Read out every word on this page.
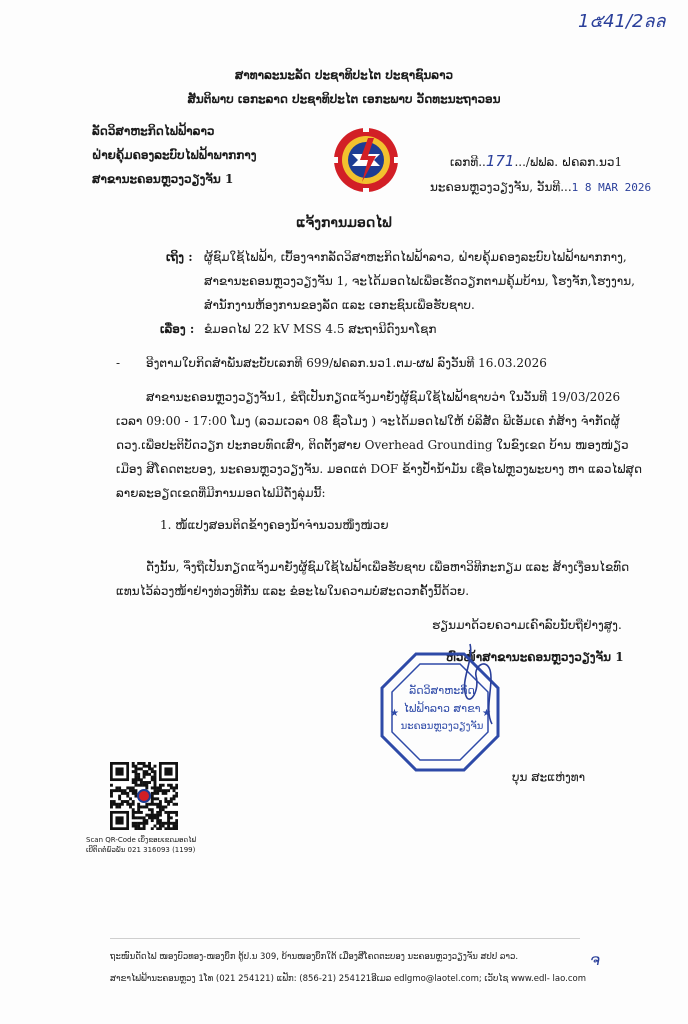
1๕41/2ลล
ສາທາລະນະລັດ ປະຊາທິປະໄຕ ປະຊາຊົນລາວ
ສັນຕິພາບ ເອກະລາດ ປະຊາທິປະໄຕ ເອກະພາບ ວັດທະນະຖາວອນ
ລັດວິສາຫະກິດໄຟຟ້າລາວ
ຝ່າຍຄຸ້ມຄອງລະບົບໄຟຟ້າພາກກາງ
ສາຂານະຄອນຫຼວງວຽງຈັນ 1
ເລກທີ..171.../ຟຟລ. ຝຄລກ.ນວ1
ນະຄອນຫຼວງວຽງຈັນ, ວັນທີ...1 8 MAR 2026
ແຈ້ງການມອດໄຟ
ເຖິງ : ຜູ້ຊົມໃຊ້ໄຟຟ້າ, ເບື້ອງຈາກລັດວິສາຫະກິດໄຟຟ້າລາວ, ຝ່າຍຄຸ້ມຄອງລະບົບໄຟຟ້າພາກກາງ,
ສາຂານະຄອນຫຼວງວຽງຈັນ 1, ຈະໄດ້ມອດໄຟເພື່ອເຮັດວຽກຕາມຄຸ້ມບ້ານ, ໂຮງຈັກ,ໂຮງງານ,
ສໍານັກງານຫ້ອງການຂອງລັດ ແລະ ເອກະຊົນເພື່ອຮັບຊາບ.
ເລື່ອງ : ຂໍມອດໄຟ 22 kV MSS 4.5 ສະຖານີດົງນາໂຊກ
- ອີງຕາມໃບກິດສໍາພັນສະບັບເລກທີ 699/ຟຄລກ.ນວ1.ຕມ-ຜຟ ລົງວັນທີ 16.03.2026
ສາຂານະຄອນຫຼວງວຽງຈັນ1, ຂໍຖືເປັນກຽດແຈ້ງມາຍັງຜູ້ຊົມໃຊ້ໄຟຟ້າຊາບວ່າ ໃນວັນທີ 19/03/2026
ເວລາ 09:00 - 17:00 ໂມງ (ລວມເວລາ 08 ຊົ່ວໂມງ ) ຈະໄດ້ມອດໄຟໃຫ້ ບໍລິສັດ ພີເອັມເຄ ກໍ່ສ້າງ ຈໍາກັດຜູ້
ດວງ.ເພື່ອປະຕິບັດວຽກ ປະກອບທົດເສົາ, ຕິດຕັ້ງສາຍ Overhead Grounding ໃນຂົງເຂດ ບ້ານ ໜອງໜ່ຽວ
ເມືອງ ສີໂຄດຕະບອງ, ນະຄອນຫຼວງວຽງຈັນ. ມອດແຕ່ DOF ຂ້າງປໍ້ານໍ້າມັນ ເຊື່ອໄຟຫຼວງພະບາງ ຫາ ແລວໄຟສຸດ
ລາຍລະອຽດເຂດທີ່ມີການມອດໄຟມີດັ່ງລຸ່ມນີ້:
1. ໜໍ້ແປງສອນຕິດຂ້າງຄອງນໍ້າຈໍານວນໜຶ່ງໜ່ວຍ
ດັ່ງນັ້ນ, ຈຶ່ງຖືເປັນກຽດແຈ້ງມາຍັງຜູ້ຊົມໃຊ້ໄຟຟ້າເພື່ອຮັບຊາບ ເພື່ອຫາວິທີກະກຽມ ແລະ ສ້າງເງື່ອນໄຂທົດ
ແທນໄວ້ລ່ວງໜ້າຢ່າງທ່ວງທີກັນ ແລະ ຂໍອະໄພໃນຄວາມບໍ່ສະດວກຄັ້ງນີ້ດ້ວຍ.
ຮຽນມາດ້ວຍຄວາມເຄົາລົບນັບຖືຢ່າງສູງ.
ຫົວໜ້າສາຂານະຄອນຫຼວງວຽງຈັນ 1
★	★
ລັດວິສາຫະກິດ
ໄຟຟ້າລາວ ສາຂາ
ນະຄອນຫຼວງວຽງຈັນ
ບຸນ ສະແຫ່ງທາ
Scan QR-Code ເບິ່ງຂອບເຂດມອດໄຟ
ເບີຕິດຕໍ່ພົວພັນ 021 316093 (1199)
ຖະໜົນດັດໄຟ ໜອງບົວທອງ-ໜອງບຶກ ຕູ້ປ.ນ 309, ບ້ານໜອງບຶກໃຕ້ ເມືອງສີໂຄດຕະບອງ ນະຄອນຫຼວງວຽງຈັນ ສປປ ລາວ.
ສາຂາໄຟຟ້ານະຄອນຫຼວງ 1ໂທ (021 254121) ແຟັກ: (856-21) 254121ອີເມລ edlgmo@laotel.com; ເວັບໄຊ www.edl- lao.com
ຈ
